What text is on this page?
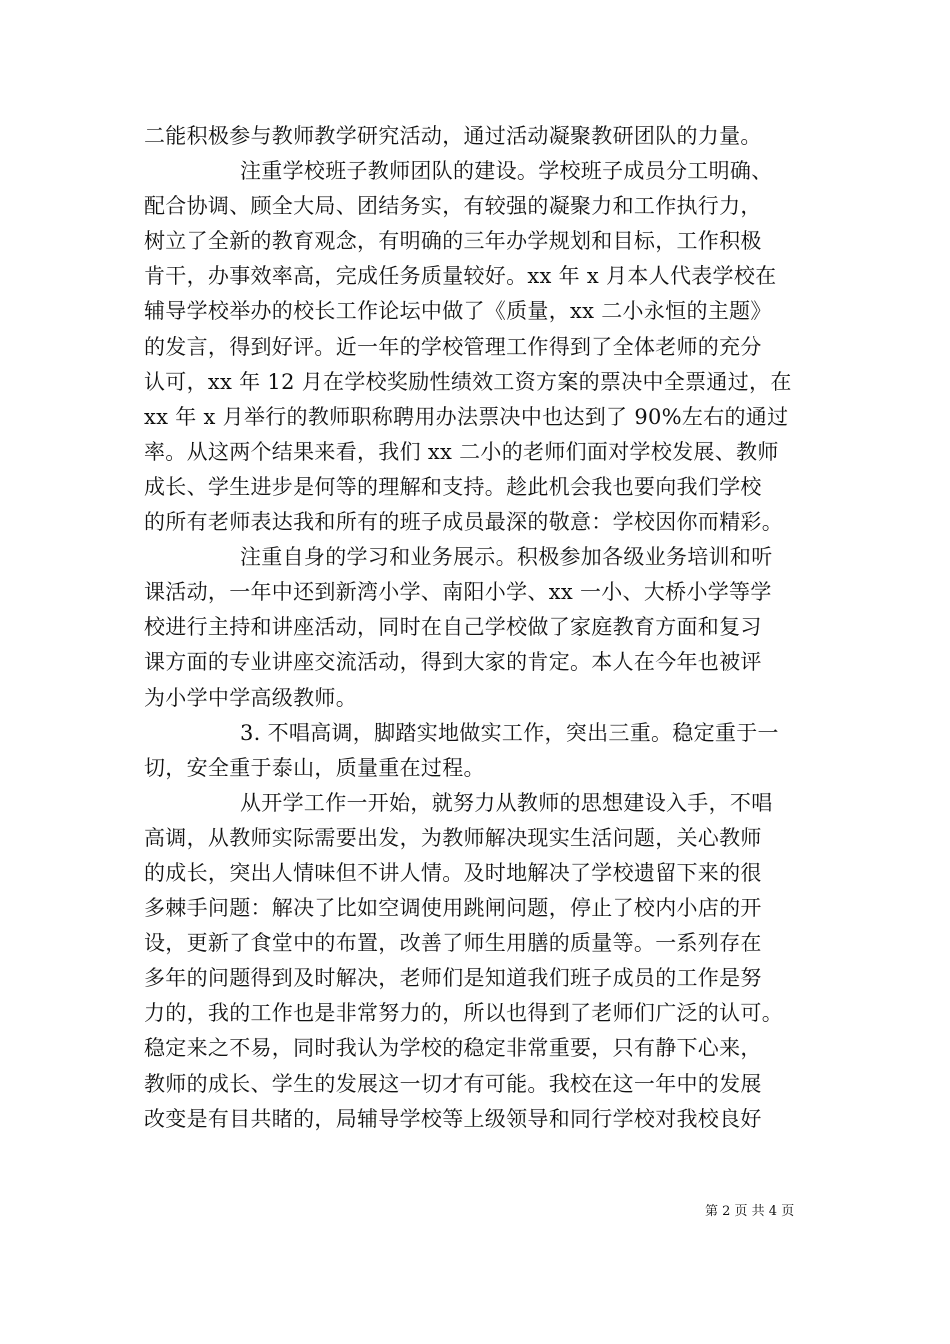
二能积极参与教师教学研究活动，通过活动凝聚教研团队的力量。
注重学校班子教师团队的建设。学校班子成员分工明确、
配合协调、顾全大局、团结务实，有较强的凝聚力和工作执行力，
树立了全新的教育观念，有明确的三年办学规划和目标，工作积极
肯干，办事效率高，完成任务质量较好。xx 年 x 月本人代表学校在
辅导学校举办的校长工作论坛中做了《质量，xx 二小永恒的主题》
的发言，得到好评。近一年的学校管理工作得到了全体老师的充分
认可，xx 年 12 月在学校奖励性绩效工资方案的票决中全票通过，在
xx 年 x 月举行的教师职称聘用办法票决中也达到了 90%左右的通过
率。从这两个结果来看，我们 xx 二小的老师们面对学校发展、教师
成长、学生进步是何等的理解和支持。趁此机会我也要向我们学校
的所有老师表达我和所有的班子成员最深的敬意：学校因你而精彩。
注重自身的学习和业务展示。积极参加各级业务培训和听
课活动，一年中还到新湾小学、南阳小学、xx 一小、大桥小学等学
校进行主持和讲座活动，同时在自己学校做了家庭教育方面和复习
课方面的专业讲座交流活动，得到大家的肯定。本人在今年也被评
为小学中学高级教师。
3. 不唱高调，脚踏实地做实工作，突出三重。稳定重于一
切，安全重于泰山，质量重在过程。
从开学工作一开始，就努力从教师的思想建设入手，不唱
高调，从教师实际需要出发，为教师解决现实生活问题，关心教师
的成长，突出人情味但不讲人情。及时地解决了学校遗留下来的很
多棘手问题：解决了比如空调使用跳闸问题，停止了校内小店的开
设，更新了食堂中的布置，改善了师生用膳的质量等。一系列存在
多年的问题得到及时解决，老师们是知道我们班子成员的工作是努
力的，我的工作也是非常努力的，所以也得到了老师们广泛的认可。
稳定来之不易，同时我认为学校的稳定非常重要，只有静下心来，
教师的成长、学生的发展这一切才有可能。我校在这一年中的发展
改变是有目共睹的，局辅导学校等上级领导和同行学校对我校良好
第 2 页 共 4 页
